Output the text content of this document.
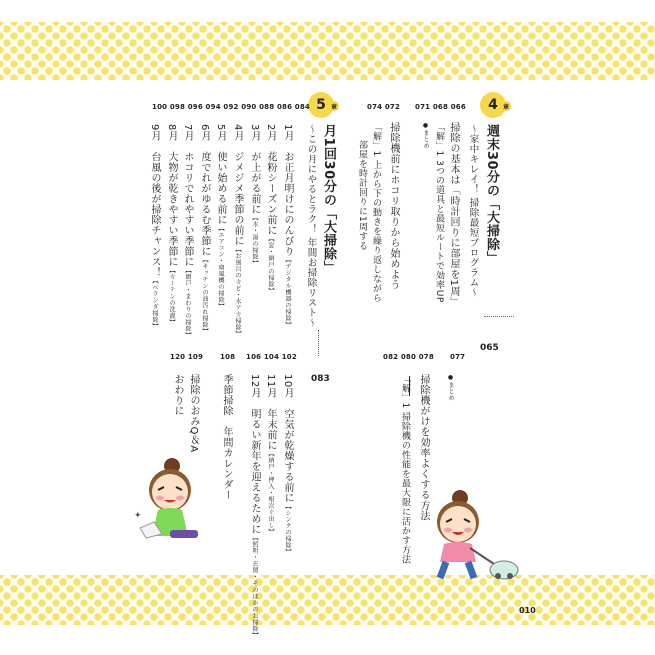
4 章
週末30分の「大掃除」
～家中キレイ！ 掃除最短プログラム～
065
071 068 066
074 072
掃除の基本は「時計回りに部屋を1周」
「解」1 3つの道具と最短ルートで効率UP
●まとめ
掃除機前にホコリ取りから始めよう
「解」1 上から下の動きを繰り返しながら
部屋を時計回りに1周する
077
082 080 078
●まとめ
掃除機がけを効率よくする方法
「解」1 掃除機の性能を最大限に活かす方法
5 章
月1回30分の「大掃除」
～この月にやるとラク！ 年間お掃除リスト～
083
100 098 096 094 092 090 088 086 084
1月　お正月明けにのんびり【デジタル機器の掃除】
2月　花粉シーズン前に【窓・網戸の掃除】
3月　が上がる前に【水・湯の掃除】
4月　ジメジメ季節の前に【お風呂のカビ・水アカ掃除】
5月　使い始める前に【エアコン・扇風機の掃除】
6月　度でれがゆるむ季節に【キッチンの油汚れ掃除】
7月　ホコリでれやすい季節に【網戸・まわりの掃除】
8月　大物が乾きやすい季節に【カーテンの洗濯】
9月　台風の後が掃除チャンス！【ベランダ掃除】
120 109 108 106 104 102
10月　空気が乾燥する前に【シンクの掃除】
11月　年末前に【納戸・押入・相次ぐ出し】
12月　明るい新年を迎えるために【照明・玄関・そのほかのお掃除】
季節掃除　年間カレンダー
掃除のおみQ＆A
おわりに
✦
010
